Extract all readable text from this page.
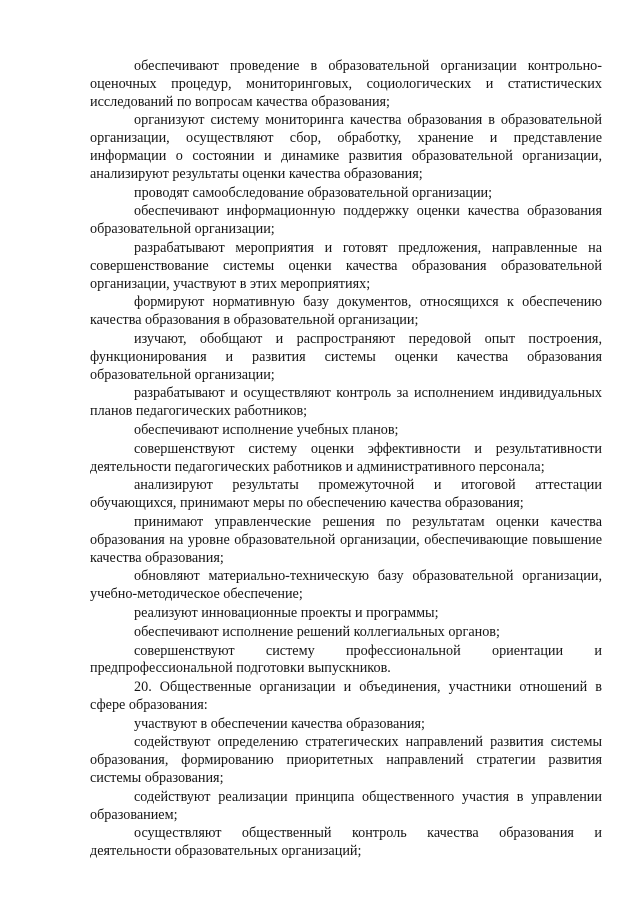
обеспечивают проведение в образовательной организации контрольно-оценочных процедур, мониторинговых, социологических и статистических исследований по вопросам качества образования;

организуют систему мониторинга качества образования в образовательной организации, осуществляют сбор, обработку, хранение и представление информации о состоянии и динамике развития образовательной организации, анализируют результаты оценки качества образования;

проводят самообследование образовательной организации;

обеспечивают информационную поддержку оценки качества образования образовательной организации;

разрабатывают мероприятия и готовят предложения, направленные на совершенствование системы оценки качества образования образовательной организации, участвуют в этих мероприятиях;

формируют нормативную базу документов, относящихся к обеспечению качества образования в образовательной организации;

изучают, обобщают и распространяют передовой опыт построения, функционирования и развития системы оценки качества образования образовательной организации;

разрабатывают и осуществляют контроль за исполнением индивидуальных планов педагогических работников;

обеспечивают исполнение учебных планов;

совершенствуют систему оценки эффективности и результативности деятельности педагогических работников и административного персонала;

анализируют результаты промежуточной и итоговой аттестации обучающихся, принимают меры по обеспечению качества образования;

принимают управленческие решения по результатам оценки качества образования на уровне образовательной организации, обеспечивающие повышение качества образования;

обновляют материально-техническую базу образовательной организации, учебно-методическое обеспечение;

реализуют инновационные проекты и программы;

обеспечивают исполнение решений коллегиальных органов;

совершенствуют систему профессиональной ориентации и предпрофессиональной подготовки выпускников.

20. Общественные организации и объединения, участники отношений в сфере образования:

участвуют в обеспечении качества образования;

содействуют определению стратегических направлений развития системы образования, формированию приоритетных направлений стратегии развития системы образования;

содействуют реализации принципа общественного участия в управлении образованием;

осуществляют общественный контроль качества образования и деятельности образовательных организаций;
